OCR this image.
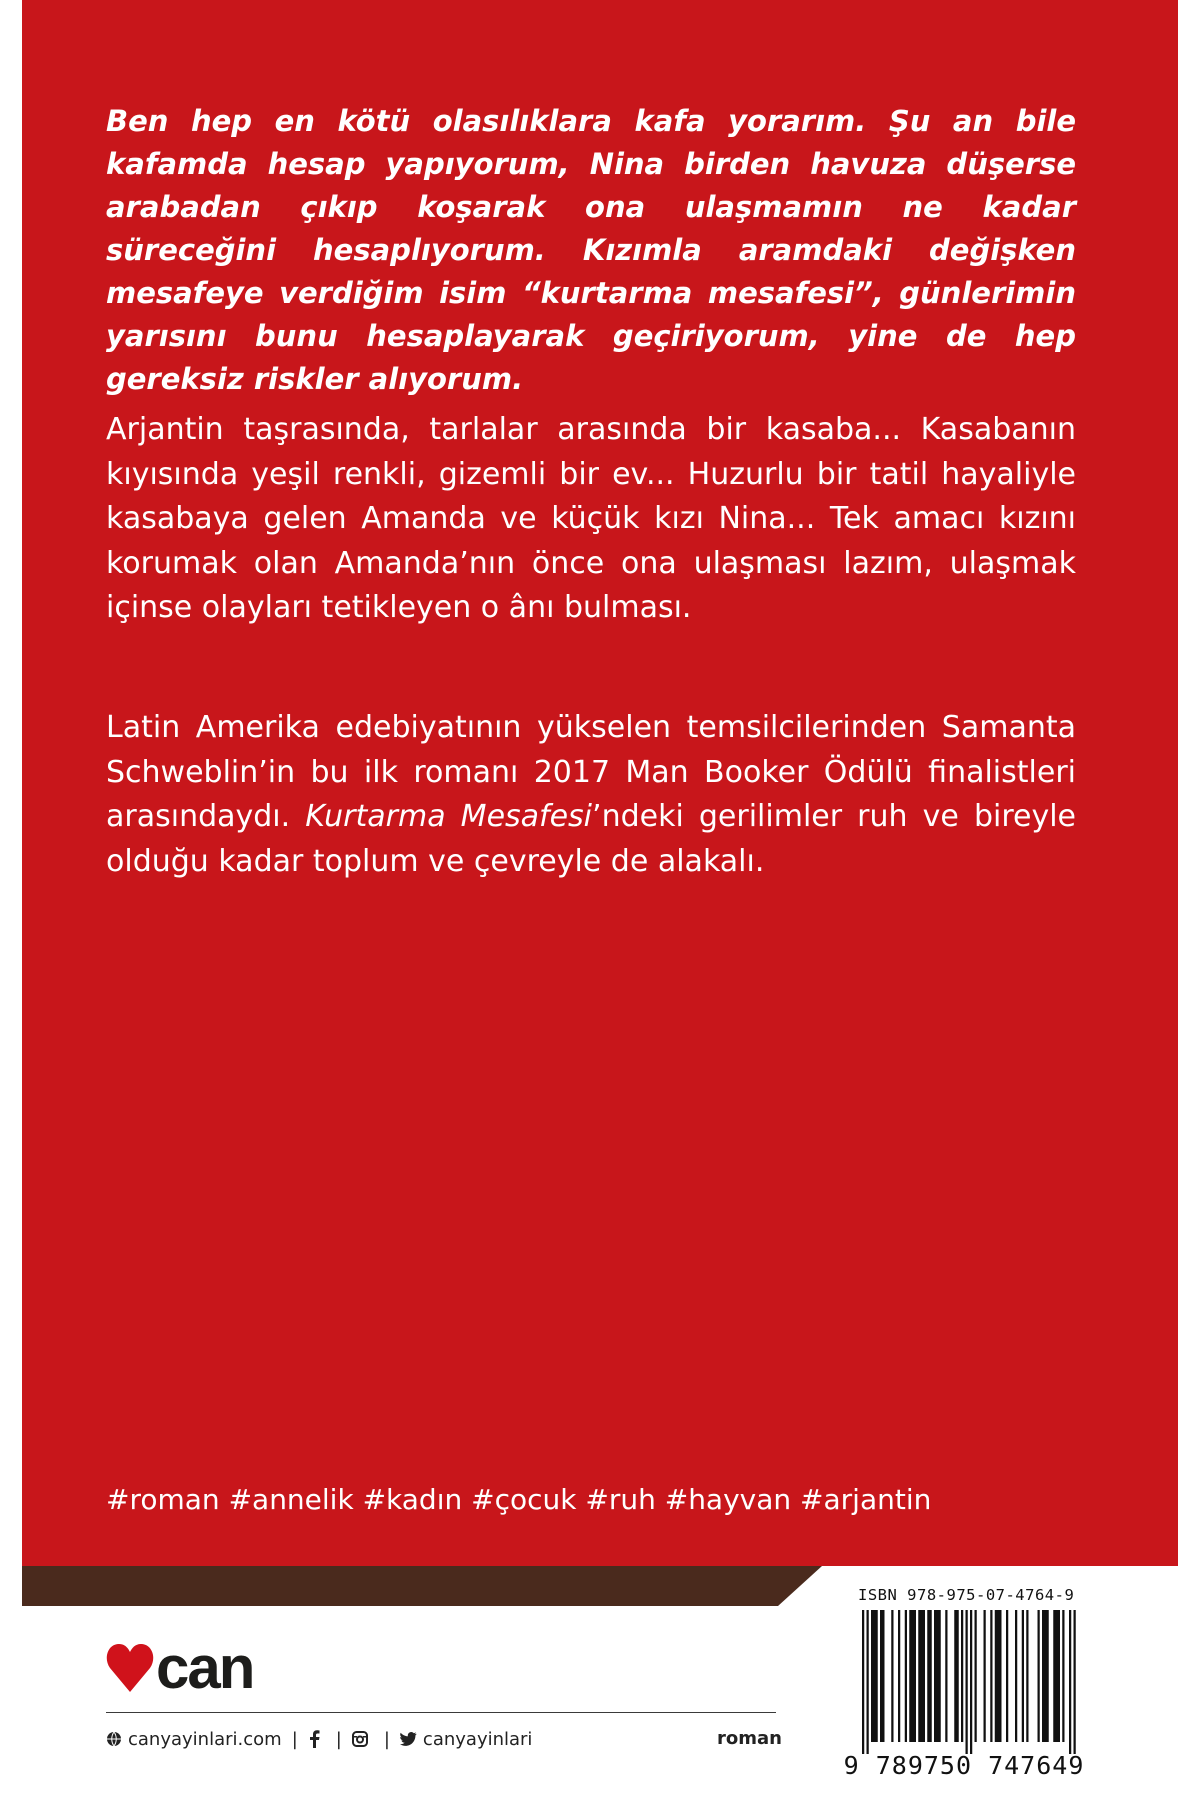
Ben hep en kötü olasılıklara kafa yorarım. Şu an bile kafamda hesap yapıyorum, Nina birden havuza düşerse arabadan çıkıp koşarak ona ulaşmamın ne kadar süreceğini hesaplıyorum. Kızımla aramdaki değişken mesafeye verdiğim isim “kurtarma mesafesi”, günlerimin yarısını bunu hesaplayarak geçiriyorum, yine de hep gereksiz riskler alıyorum.

Arjantin taşrasında, tarlalar arasında bir kasaba... Kasabanın kıyısında yeşil renkli, gizemli bir ev... Huzurlu bir tatil hayaliyle kasabaya gelen Amanda ve küçük kızı Nina... Tek amacı kızını korumak olan Amanda’nın önce ona ulaşması lazım, ulaşmak içinse olayları tetikleyen o ânı bulması.

Latin Amerika edebiyatının yükselen temsilcilerinden Samanta Schweblin’in bu ilk romanı 2017 Man Booker Ödülü finalistleri arasındaydı. Kurtarma Mesafesi’ndeki gerilimler ruh ve bireyle olduğu kadar toplum ve çevreyle de alakalı.

#roman #annelik #kadın #çocuk #ruh #hayvan #arjantin

can
canyayinlari.com | | | canyayinlari	roman
ISBN 978-975-07-4764-9
9 789750 747649
